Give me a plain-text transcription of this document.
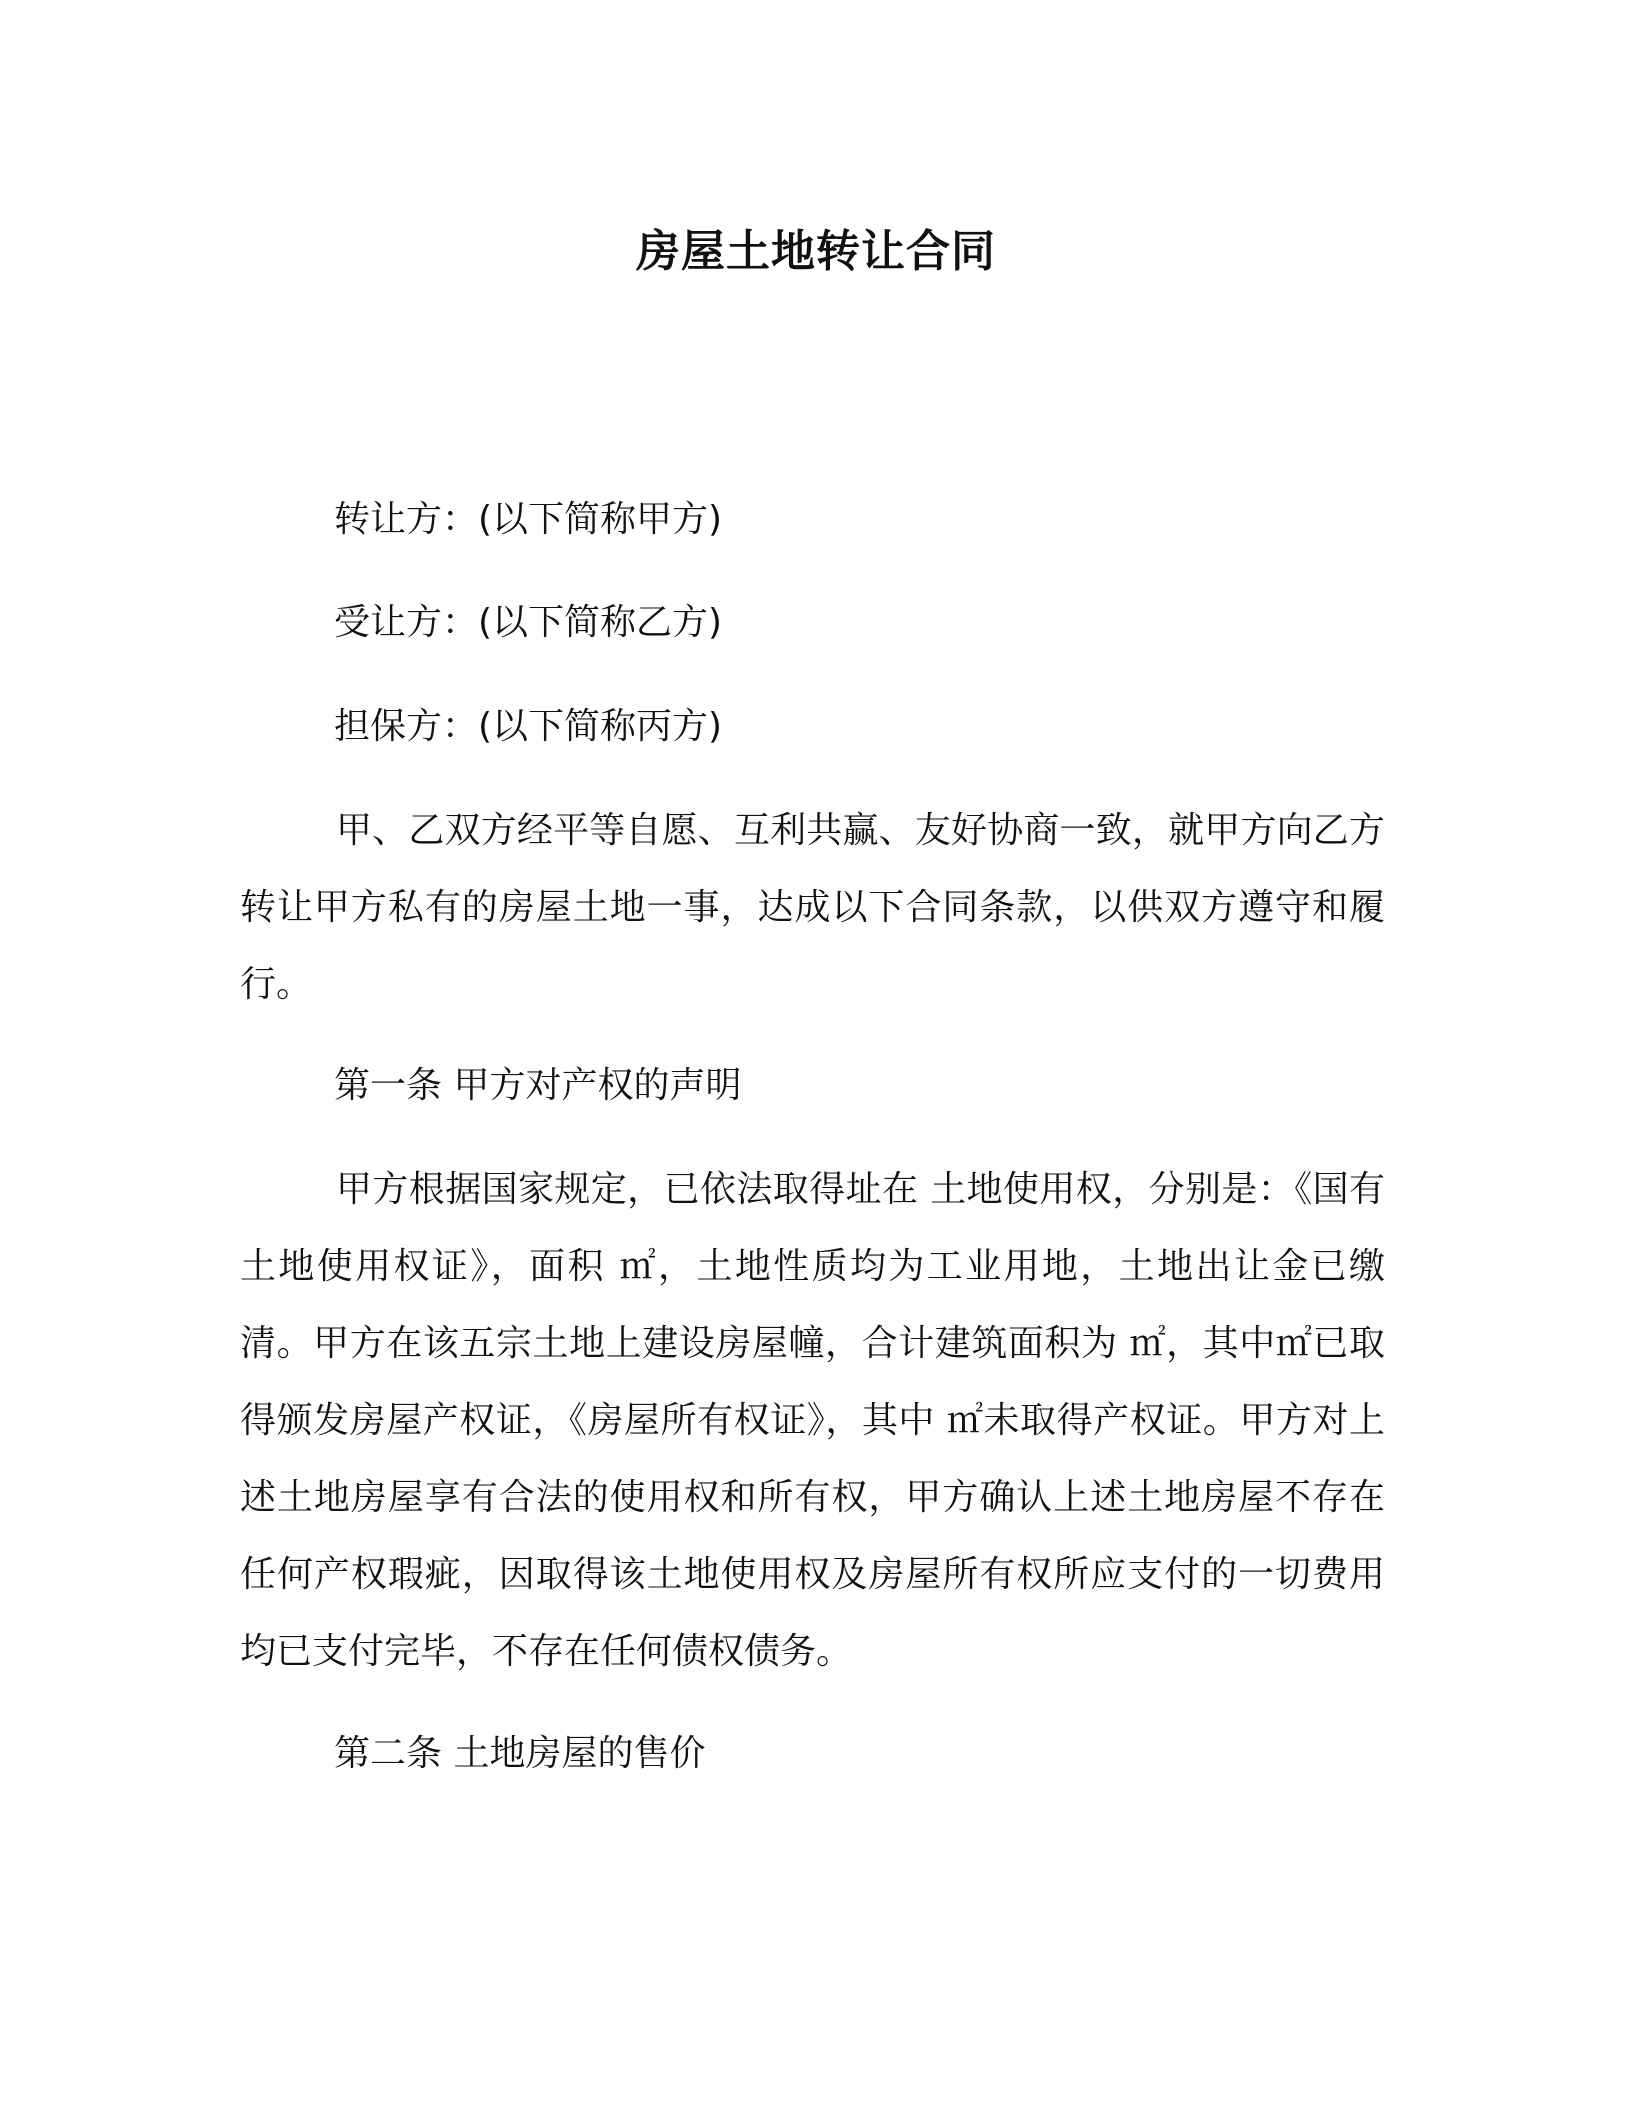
房屋土地转让合同

转让方：(以下简称甲方)

受让方：(以下简称乙方)

担保方：(以下简称丙方)

甲、乙双方经平等自愿、互利共赢、友好协商一致，就甲方向乙方转让甲方私有的房屋土地一事，达成以下合同条款，以供双方遵守和履行。

第一条 甲方对产权的声明

甲方根据国家规定，已依法取得址在 土地使用权，分别是：《国有土地使用权证》，面积 ㎡，土地性质均为工业用地，土地出让金已缴清。甲方在该五宗土地上建设房屋幢，合计建筑面积为 ㎡，其中㎡已取得颁发房屋产权证，《房屋所有权证》，其中 ㎡未取得产权证。甲方对上述土地房屋享有合法的使用权和所有权，甲方确认上述土地房屋不存在任何产权瑕疵，因取得该土地使用权及房屋所有权所应支付的一切费用均已支付完毕，不存在任何债权债务。

第二条 土地房屋的售价
